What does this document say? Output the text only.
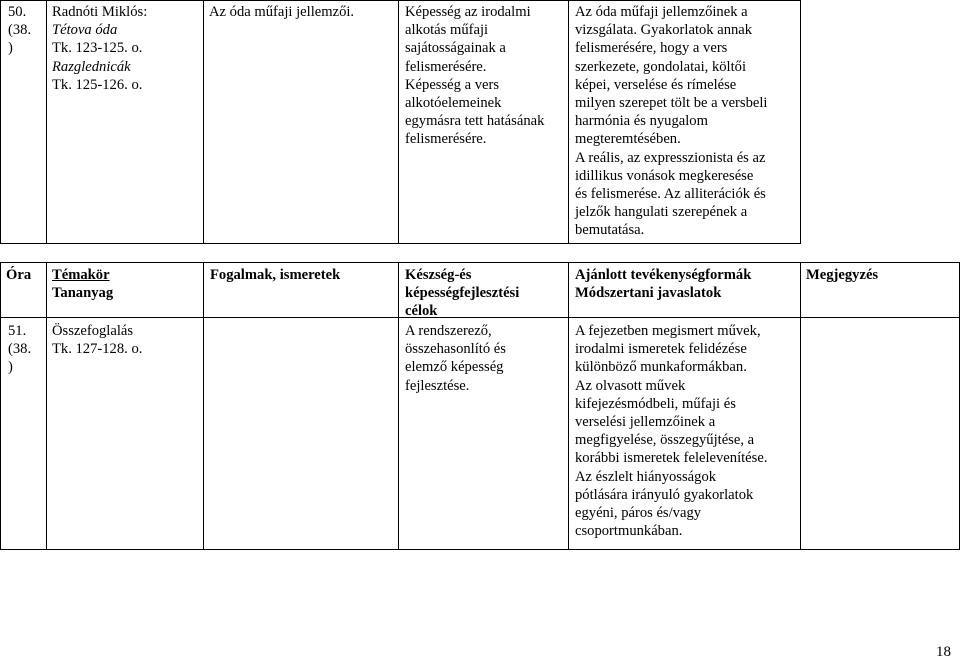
50.
(38.
)
Radnóti Miklós:
Tétova óda
Tk. 123-125. o.
Razglednicák
Tk. 125-126. o.
Az óda műfaji jellemzői.	Képesség az irodalmi
alkotás műfaji
sajátosságainak a
felismerésére.
Képesség a vers
alkotóelemeinek
egymásra tett hatásának
felismerésére.
Az óda műfaji jellemzőinek a
vizsgálata. Gyakorlatok annak
felismerésére, hogy a vers
szerkezete, gondolatai, költői
képei, verselése és rímelése
milyen szerepet tölt be a versbeli
harmónia és nyugalom
megteremtésében.
A reális, az expresszionista és az
idillikus vonások megkeresése
és felismerése. Az alliterációk és
jelzők hangulati szerepének a
bemutatása.
Óra Témakör
Tananyag
Fogalmak, ismeretek	Készség-és
képességfejlesztési
célok
Ajánlott tevékenységformák
Módszertani javaslatok
Megjegyzés
51.
(38.
)
Összefoglalás
Tk. 127-128. o.
A rendszerező,
összehasonlító és
elemző képesség
fejlesztése.
A fejezetben megismert művek,
irodalmi ismeretek felidézése
különböző munkaformákban.
Az olvasott művek
kifejezésmódbeli, műfaji és
verselési jellemzőinek a
megfigyelése, összegyűjtése, a
korábbi ismeretek felelevenítése.
Az észlelt hiányosságok
pótlására irányuló gyakorlatok
egyéni, páros és/vagy
csoportmunkában.
18
